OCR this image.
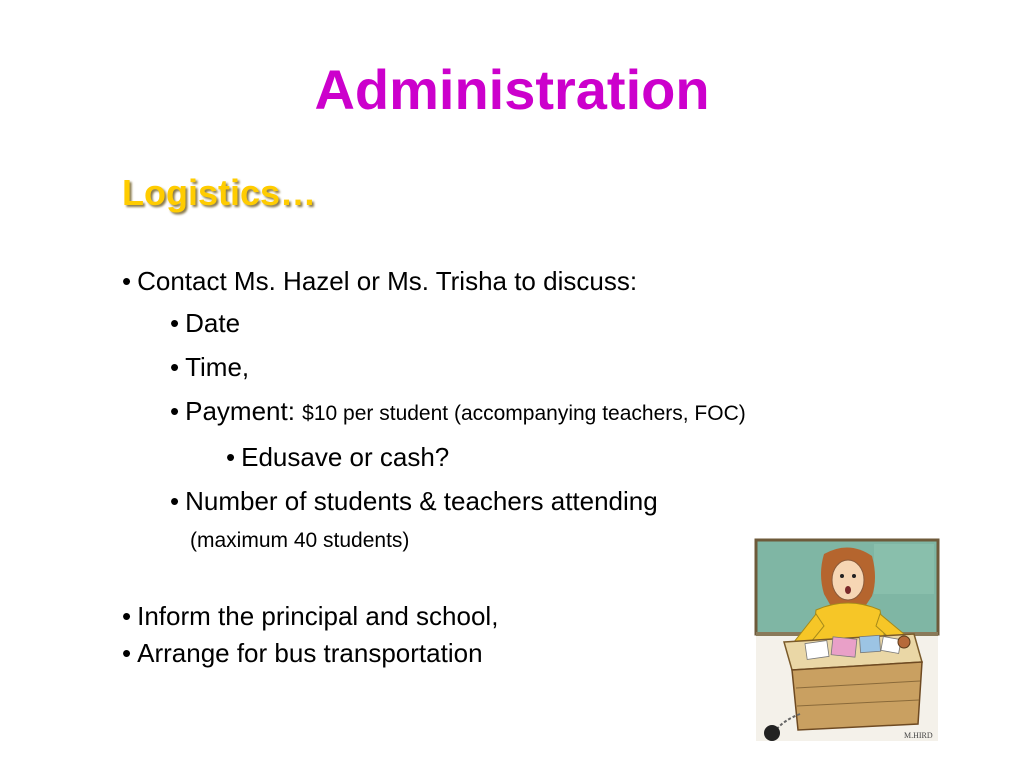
Administration
Logistics…
• Contact Ms. Hazel or Ms. Trisha to discuss:
• Date
• Time,
• Payment: $10 per student (accompanying teachers, FOC)
• Edusave or cash?
• Number of students & teachers attending
(maximum 40 students)
• Inform the principal and school,
• Arrange for bus transportation
M.HIRD
